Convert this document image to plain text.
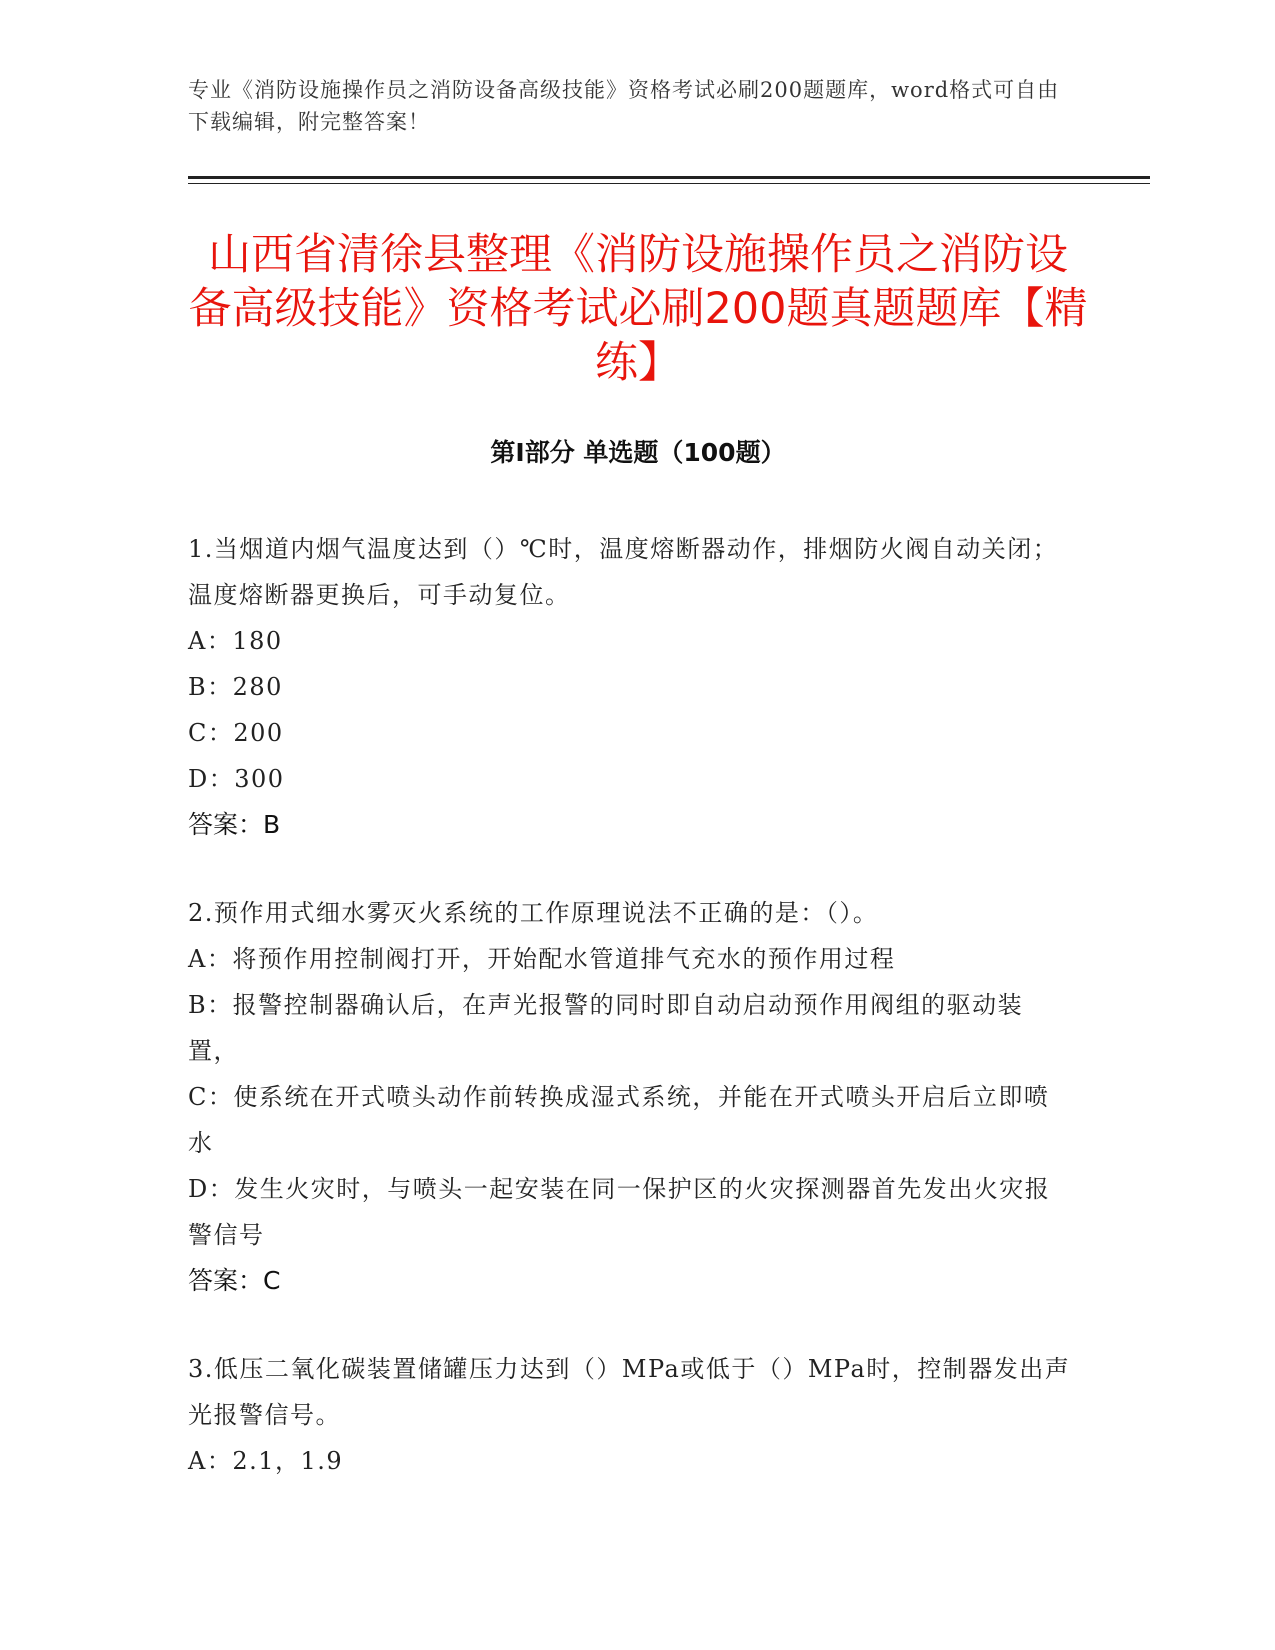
专业《消防设施操作员之消防设备高级技能》资格考试必刷200题题库，word格式可自由下载编辑，附完整答案！
山西省清徐县整理《消防设施操作员之消防设备高级技能》资格考试必刷200题真题题库【精练】
第Ⅰ部分 单选题（100题）

1.当烟道内烟气温度达到（）℃时，温度熔断器动作，排烟防火阀自动关闭；温度熔断器更换后，可手动复位。

A：180

B：280

C：200

D：300

答案：B

2.预作用式细水雾灭火系统的工作原理说法不正确的是：（）。

A：将预作用控制阀打开，开始配水管道排气充水的预作用过程

B：报警控制器确认后，在声光报警的同时即自动启动预作用阀组的驱动装置，

C：使系统在开式喷头动作前转换成湿式系统，并能在开式喷头开启后立即喷水

D：发生火灾时，与喷头一起安装在同一保护区的火灾探测器首先发出火灾报警信号

答案：C

3.低压二氧化碳装置储罐压力达到（）MPa或低于（）MPa时，控制器发出声光报警信号。

A：2.1，1.9
